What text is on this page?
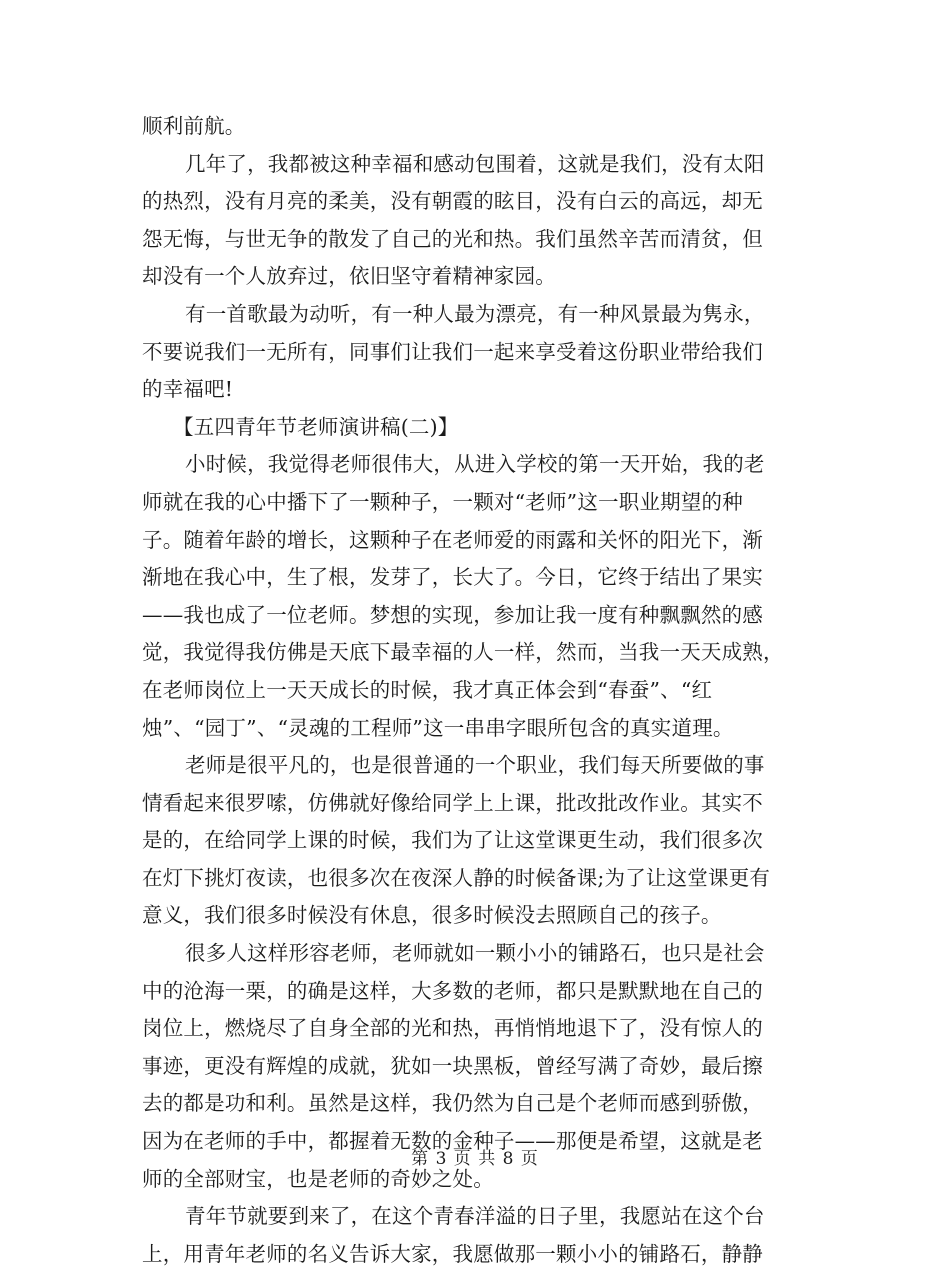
顺利前航。
几年了，我都被这种幸福和感动包围着，这就是我们，没有太阳
的热烈，没有月亮的柔美，没有朝霞的眩目，没有白云的高远，却无
怨无悔，与世无争的散发了自己的光和热。我们虽然辛苦而清贫，但
却没有一个人放弃过，依旧坚守着精神家园。
有一首歌最为动听，有一种人最为漂亮，有一种风景最为隽永，
不要说我们一无所有，同事们让我们一起来享受着这份职业带给我们
的幸福吧!
【五四青年节老师演讲稿(二)】
小时候，我觉得老师很伟大，从进入学校的第一天开始，我的老
师就在我的心中播下了一颗种子，一颗对“老师”这一职业期望的种
子。随着年龄的增长，这颗种子在老师爱的雨露和关怀的阳光下，渐
渐地在我心中，生了根，发芽了，长大了。今日，它终于结出了果实
——我也成了一位老师。梦想的实现，参加让我一度有种飘飘然的感
觉，我觉得我仿佛是天底下最幸福的人一样，然而，当我一天天成熟，
在老师岗位上一天天成长的时候，我才真正体会到“春蚕”、“红
烛”、“园丁”、“灵魂的工程师”这一串串字眼所包含的真实道理。
老师是很平凡的，也是很普通的一个职业，我们每天所要做的事
情看起来很罗嗦，仿佛就好像给同学上上课，批改批改作业。其实不
是的，在给同学上课的时候，我们为了让这堂课更生动，我们很多次
在灯下挑灯夜读，也很多次在夜深人静的时候备课;为了让这堂课更有
意义，我们很多时候没有休息，很多时候没去照顾自己的孩子。
很多人这样形容老师，老师就如一颗小小的铺路石，也只是社会
中的沧海一栗，的确是这样，大多数的老师，都只是默默地在自己的
岗位上，燃烧尽了自身全部的光和热，再悄悄地退下了，没有惊人的
事迹，更没有辉煌的成就，犹如一块黑板，曾经写满了奇妙，最后擦
去的都是功和利。虽然是这样，我仍然为自己是个老师而感到骄傲，
因为在老师的手中，都握着无数的金种子——那便是希望，这就是老
师的全部财宝，也是老师的奇妙之处。
青年节就要到来了，在这个青春洋溢的日子里，我愿站在这个台
上，用青年老师的名义告诉大家，我愿做那一颗小小的铺路石，静静
第 3 页 共 8 页
